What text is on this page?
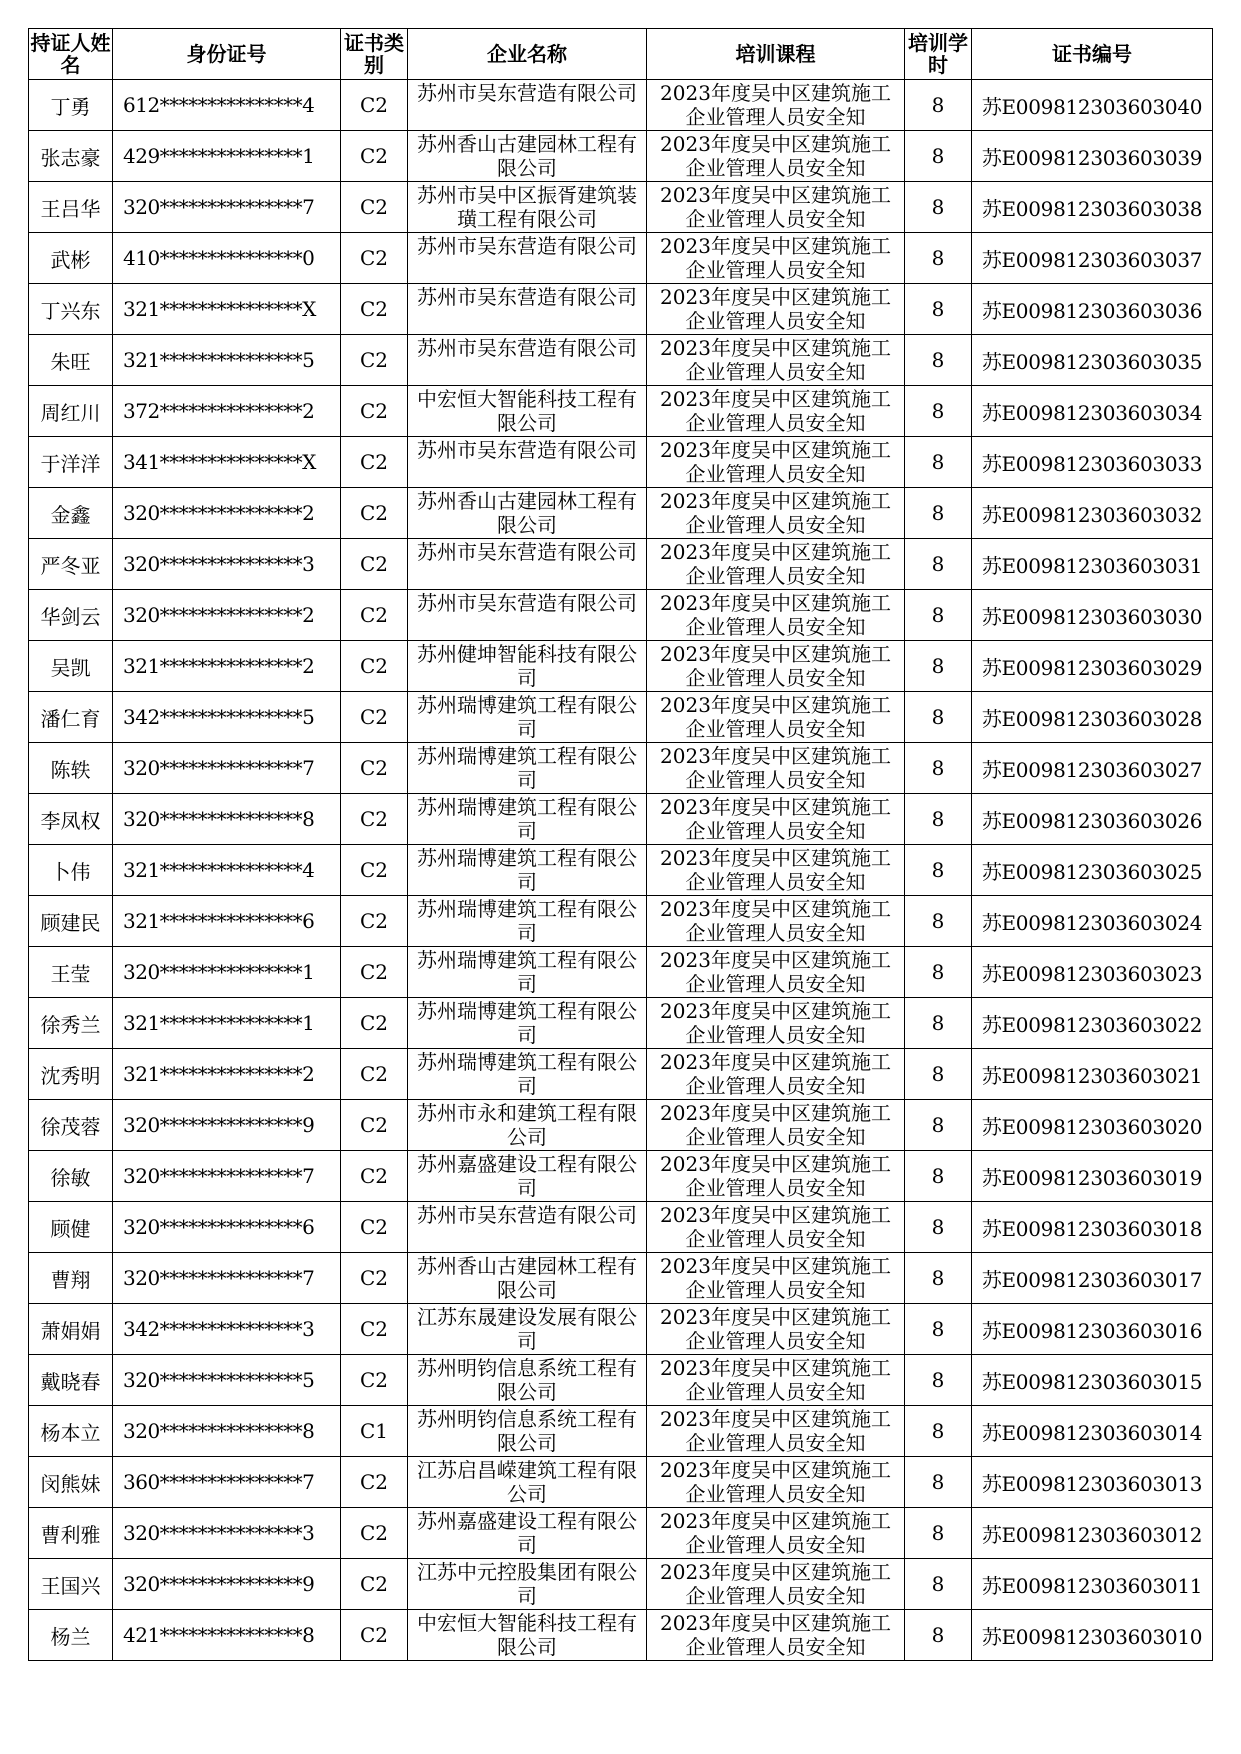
持证人姓名	身份证号	证书类别	企业名称	培训课程	培训学时	证书编号
丁勇	612***************4	C2	苏州市吴东营造有限公司	2023年度吴中区建筑施工企业管理人员安全知	8	苏E009812303603040
张志豪	429***************1	C2	苏州香山古建园林工程有限公司	2023年度吴中区建筑施工企业管理人员安全知	8	苏E009812303603039
王吕华	320***************7	C2	苏州市吴中区振胥建筑装璜工程有限公司	2023年度吴中区建筑施工企业管理人员安全知	8	苏E009812303603038
武彬	410***************0	C2	苏州市吴东营造有限公司	2023年度吴中区建筑施工企业管理人员安全知	8	苏E009812303603037
丁兴东	321***************X	C2	苏州市吴东营造有限公司	2023年度吴中区建筑施工企业管理人员安全知	8	苏E009812303603036
朱旺	321***************5	C2	苏州市吴东营造有限公司	2023年度吴中区建筑施工企业管理人员安全知	8	苏E009812303603035
周红川	372***************2	C2	中宏恒大智能科技工程有限公司	2023年度吴中区建筑施工企业管理人员安全知	8	苏E009812303603034
于洋洋	341***************X	C2	苏州市吴东营造有限公司	2023年度吴中区建筑施工企业管理人员安全知	8	苏E009812303603033
金鑫	320***************2	C2	苏州香山古建园林工程有限公司	2023年度吴中区建筑施工企业管理人员安全知	8	苏E009812303603032
严冬亚	320***************3	C2	苏州市吴东营造有限公司	2023年度吴中区建筑施工企业管理人员安全知	8	苏E009812303603031
华剑云	320***************2	C2	苏州市吴东营造有限公司	2023年度吴中区建筑施工企业管理人员安全知	8	苏E009812303603030
吴凯	321***************2	C2	苏州健坤智能科技有限公司	2023年度吴中区建筑施工企业管理人员安全知	8	苏E009812303603029
潘仁育	342***************5	C2	苏州瑞博建筑工程有限公司	2023年度吴中区建筑施工企业管理人员安全知	8	苏E009812303603028
陈轶	320***************7	C2	苏州瑞博建筑工程有限公司	2023年度吴中区建筑施工企业管理人员安全知	8	苏E009812303603027
李凤权	320***************8	C2	苏州瑞博建筑工程有限公司	2023年度吴中区建筑施工企业管理人员安全知	8	苏E009812303603026
卜伟	321***************4	C2	苏州瑞博建筑工程有限公司	2023年度吴中区建筑施工企业管理人员安全知	8	苏E009812303603025
顾建民	321***************6	C2	苏州瑞博建筑工程有限公司	2023年度吴中区建筑施工企业管理人员安全知	8	苏E009812303603024
王莹	320***************1	C2	苏州瑞博建筑工程有限公司	2023年度吴中区建筑施工企业管理人员安全知	8	苏E009812303603023
徐秀兰	321***************1	C2	苏州瑞博建筑工程有限公司	2023年度吴中区建筑施工企业管理人员安全知	8	苏E009812303603022
沈秀明	321***************2	C2	苏州瑞博建筑工程有限公司	2023年度吴中区建筑施工企业管理人员安全知	8	苏E009812303603021
徐茂蓉	320***************9	C2	苏州市永和建筑工程有限公司	2023年度吴中区建筑施工企业管理人员安全知	8	苏E009812303603020
徐敏	320***************7	C2	苏州嘉盛建设工程有限公司	2023年度吴中区建筑施工企业管理人员安全知	8	苏E009812303603019
顾健	320***************6	C2	苏州市吴东营造有限公司	2023年度吴中区建筑施工企业管理人员安全知	8	苏E009812303603018
曹翔	320***************7	C2	苏州香山古建园林工程有限公司	2023年度吴中区建筑施工企业管理人员安全知	8	苏E009812303603017
萧娟娟	342***************3	C2	江苏东晟建设发展有限公司	2023年度吴中区建筑施工企业管理人员安全知	8	苏E009812303603016
戴晓春	320***************5	C2	苏州明钧信息系统工程有限公司	2023年度吴中区建筑施工企业管理人员安全知	8	苏E009812303603015
杨本立	320***************8	C1	苏州明钧信息系统工程有限公司	2023年度吴中区建筑施工企业管理人员安全知	8	苏E009812303603014
闵熊妹	360***************7	C2	江苏启昌嵘建筑工程有限公司	2023年度吴中区建筑施工企业管理人员安全知	8	苏E009812303603013
曹利雅	320***************3	C2	苏州嘉盛建设工程有限公司	2023年度吴中区建筑施工企业管理人员安全知	8	苏E009812303603012
王国兴	320***************9	C2	江苏中元控股集团有限公司	2023年度吴中区建筑施工企业管理人员安全知	8	苏E009812303603011
杨兰	421***************8	C2	中宏恒大智能科技工程有限公司	2023年度吴中区建筑施工企业管理人员安全知	8	苏E009812303603010
